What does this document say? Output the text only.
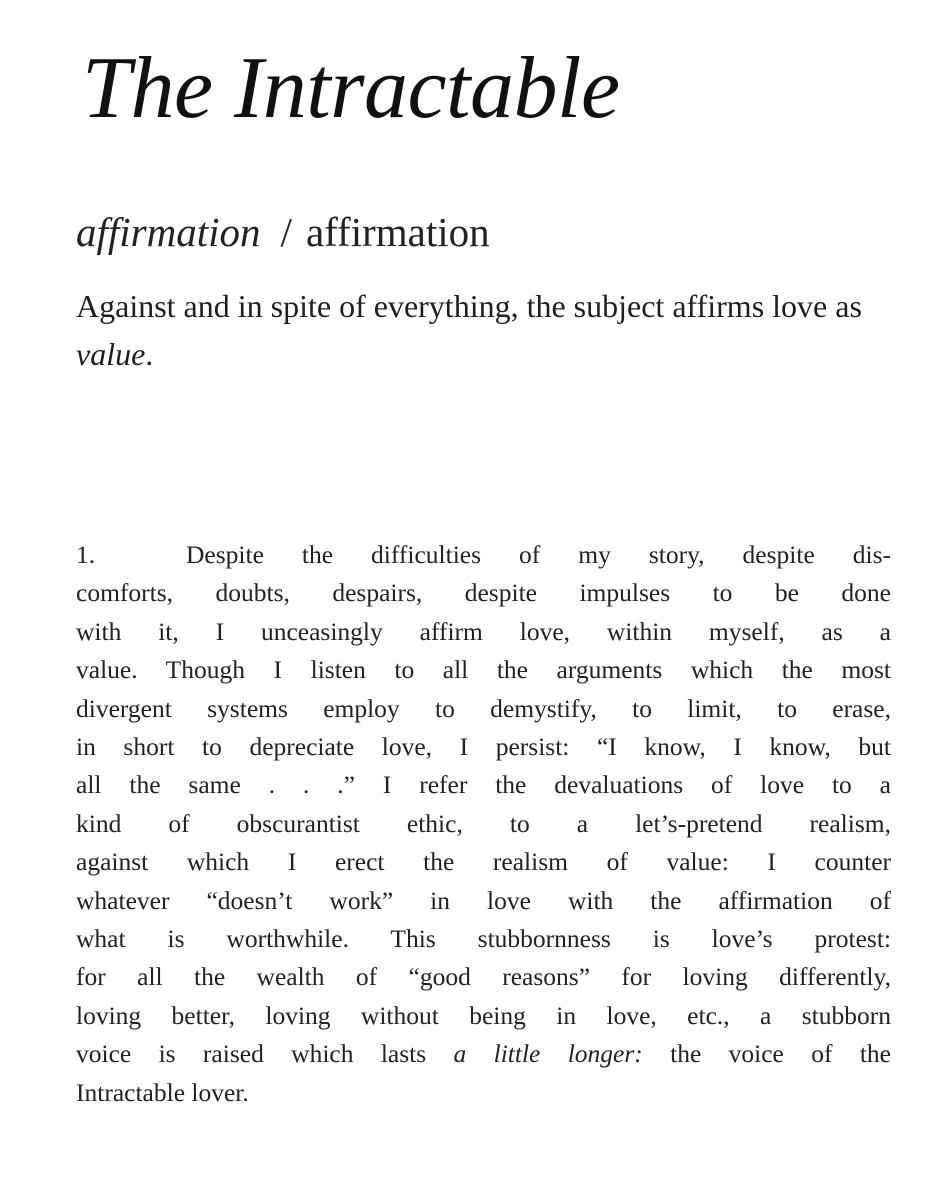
The Intractable
affirmation / affirmation

Against and in spite of everything, the subject affirms love as value.

1.	Despite the difficulties of my story, despite dis-
comforts, doubts, despairs, despite impulses to be done
with it, I unceasingly affirm love, within myself, as a
value. Though I listen to all the arguments which the most
divergent systems employ to demystify, to limit, to erase,
in short to depreciate love, I persist: “I know, I know, but
all the same . . .” I refer the devaluations of love to a
kind of obscurantist ethic, to a let’s-pretend realism,
against which I erect the realism of value: I counter
whatever “doesn’t work” in love with the affirmation of
what is worthwhile. This stubbornness is love’s protest:
for all the wealth of “good reasons” for loving differently,
loving better, loving without being in love, etc., a stubborn
voice is raised which lasts a little longer: the voice of the
Intractable lover.
